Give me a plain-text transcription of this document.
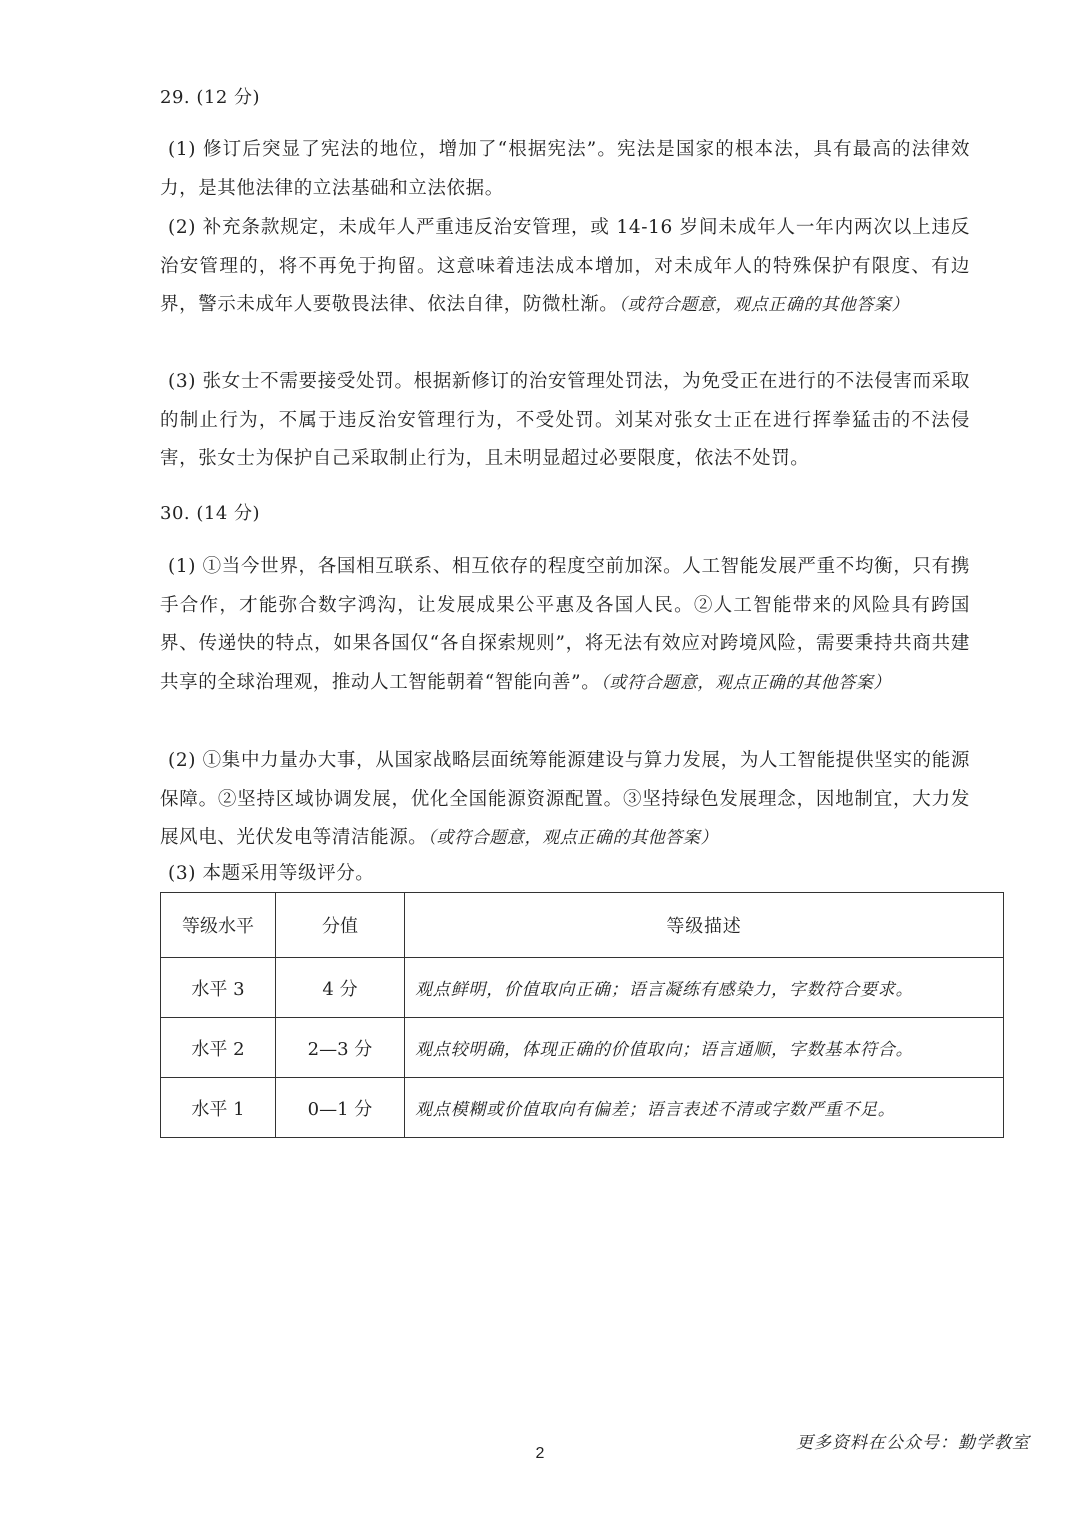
29. (12 分)
(1) 修订后突显了宪法的地位，增加了“根据宪法”。宪法是国家的根本法，具有最高的法律效力，是其他法律的立法基础和立法依据。
(2) 补充条款规定，未成年人严重违反治安管理，或 14-16 岁间未成年人一年内两次以上违反治安管理的，将不再免于拘留。这意味着违法成本增加，对未成年人的特殊保护有限度、有边界，警示未成年人要敬畏法律、依法自律，防微杜渐。（或符合题意，观点正确的其他答案）
(3) 张女士不需要接受处罚。根据新修订的治安管理处罚法，为免受正在进行的不法侵害而采取的制止行为，不属于违反治安管理行为，不受处罚。刘某对张女士正在进行挥拳猛击的不法侵害，张女士为保护自己采取制止行为，且未明显超过必要限度，依法不处罚。
30. (14 分)
(1) ①当今世界，各国相互联系、相互依存的程度空前加深。人工智能发展严重不均衡，只有携手合作，才能弥合数字鸿沟，让发展成果公平惠及各国人民。②人工智能带来的风险具有跨国界、传递快的特点，如果各国仅“各自探索规则”，将无法有效应对跨境风险，需要秉持共商共建共享的全球治理观，推动人工智能朝着“智能向善”。（或符合题意，观点正确的其他答案）
(2) ①集中力量办大事，从国家战略层面统筹能源建设与算力发展，为人工智能提供坚实的能源保障。②坚持区域协调发展，优化全国能源资源配置。③坚持绿色发展理念，因地制宜，大力发展风电、光伏发电等清洁能源。（或符合题意，观点正确的其他答案）
(3) 本题采用等级评分。
等级水平	分值	等级描述
水平 3	4 分	观点鲜明，价值取向正确；语言凝练有感染力，字数符合要求。
水平 2	2—3 分	观点较明确，体现正确的价值取向；语言通顺，字数基本符合。
水平 1	0—1 分	观点模糊或价值取向有偏差；语言表述不清或字数严重不足。
更多资料在公众号：勤学教室
2
